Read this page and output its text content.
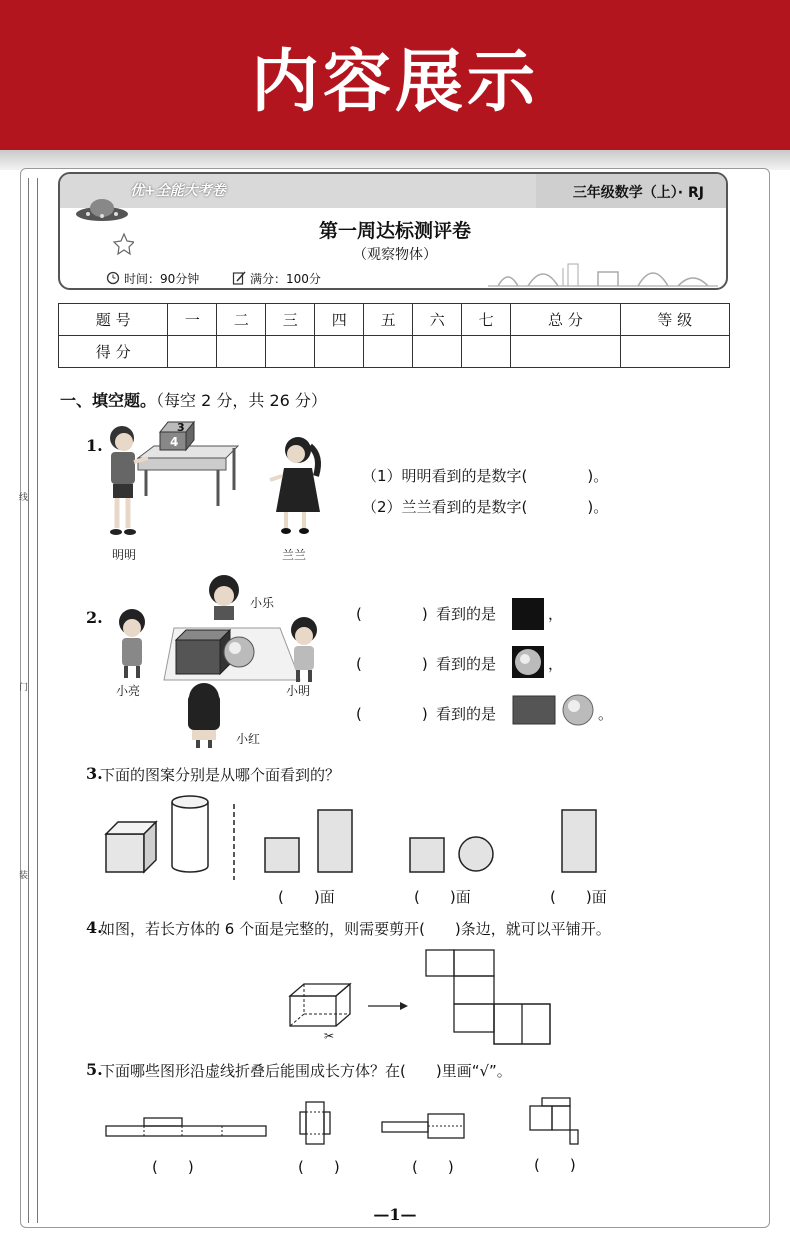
内容展示
线
门
装
优+全能大考卷	三年级数学（上）· RJ
第一周达标测评卷
（观察物体）
时间：90分钟	满分：100分
题 号	一	二	三	四	五	六	七	总 分	等 级
得 分									
一、填空题。（每空 2 分，共 26 分）
1.
3
4
明明	兰兰
（1）明明看到的是数字(　　　　)。
（2）兰兰看到的是数字(　　　　)。
2.
小乐
小亮	小明
小红
(　　　　) 看到的是	，
(　　　　) 看到的是	，
(　　　　) 看到的是	。
3.
下面的图案分别是从哪个面看到的？
(　　)面	(　　)面	(　　)面
4.
如图，若长方体的 6 个面是完整的，则需要剪开(　　)条边，就可以平铺开。
✂
5.
下面哪些图形沿虚线折叠后能围成长方体？在(　　)里画“√”。
(　　)	(　　)	(　　)	(　　)
—1—
